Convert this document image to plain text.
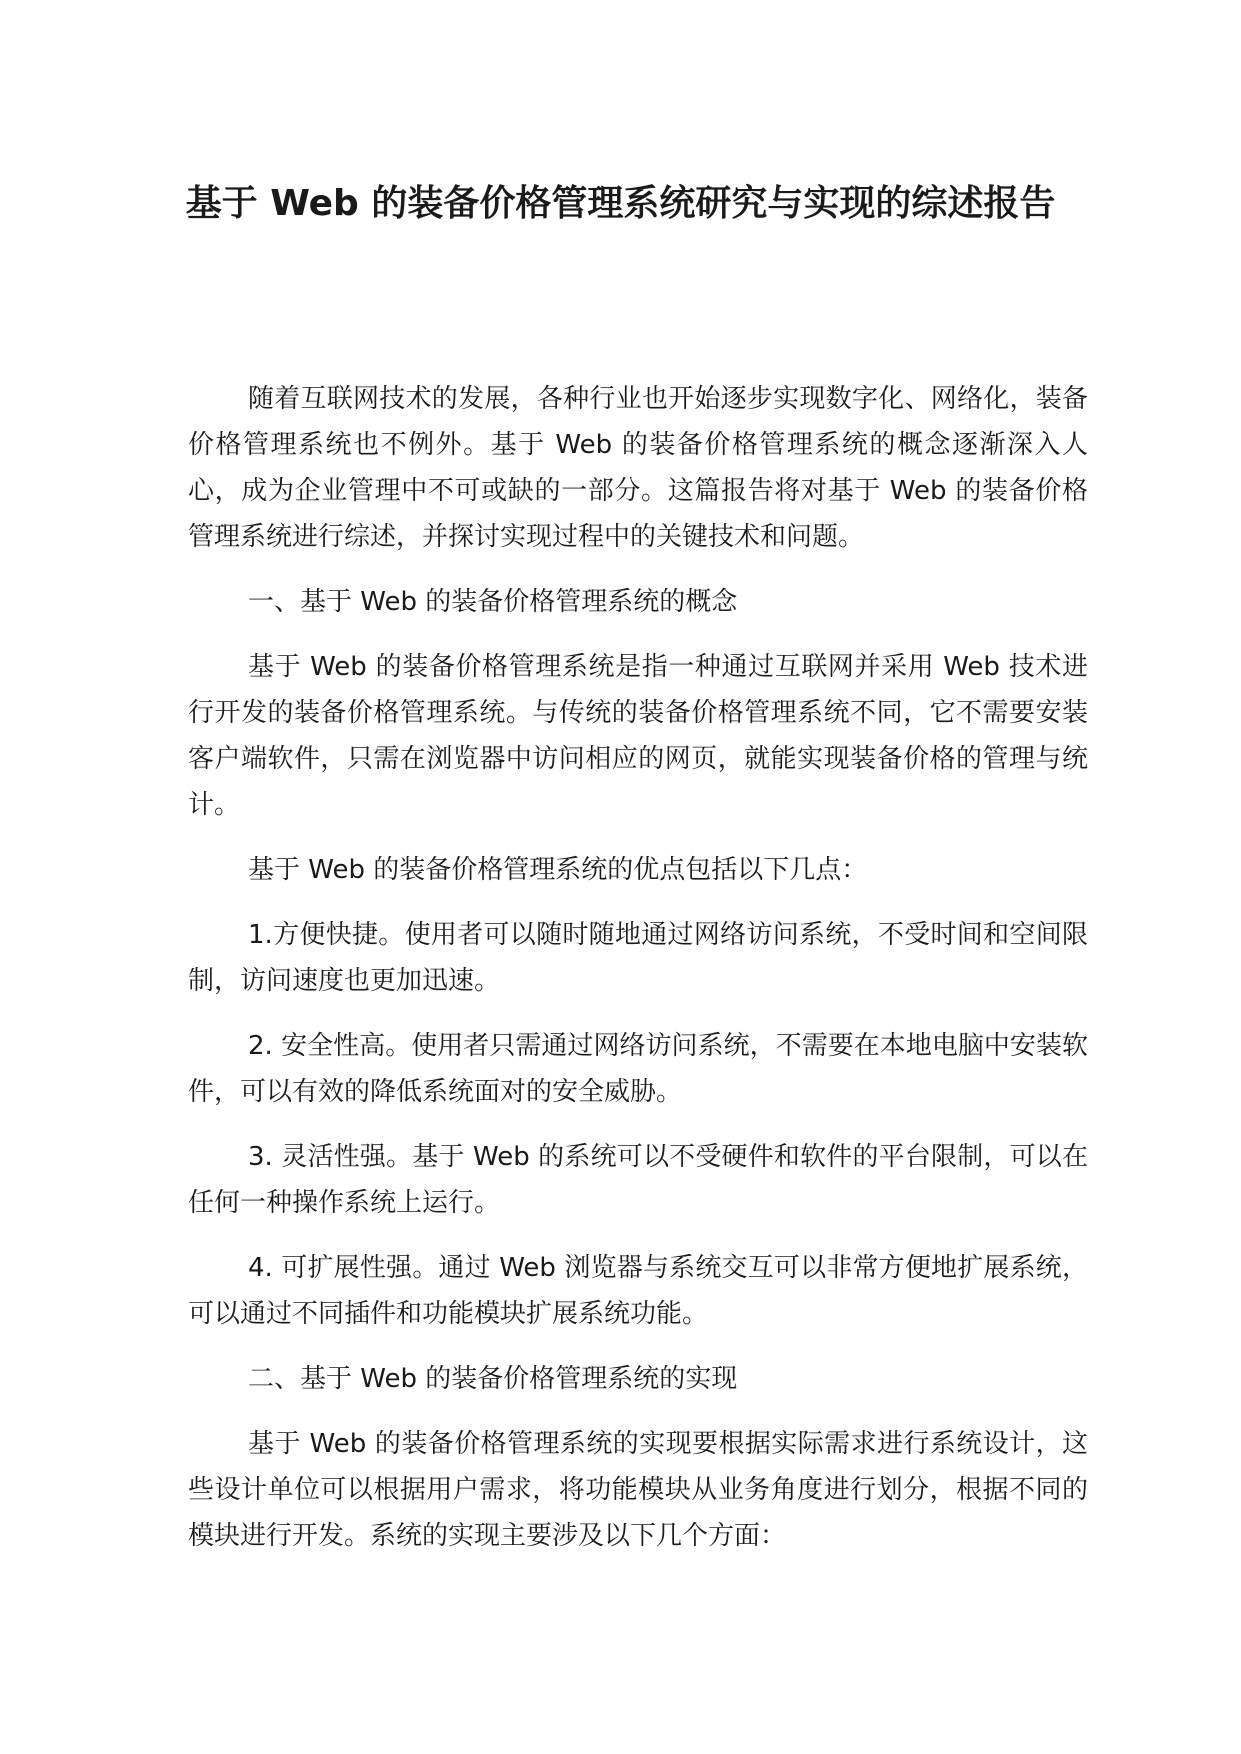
基于 Web 的装备价格管理系统研究与实现的综述报告

随着互联网技术的发展，各种行业也开始逐步实现数字化、网络化，装备价格管理系统也不例外。基于 Web 的装备价格管理系统的概念逐渐深入人心，成为企业管理中不可或缺的一部分。这篇报告将对基于 Web 的装备价格管理系统进行综述，并探讨实现过程中的关键技术和问题。

一、基于 Web 的装备价格管理系统的概念

基于 Web 的装备价格管理系统是指一种通过互联网并采用 Web 技术进行开发的装备价格管理系统。与传统的装备价格管理系统不同，它不需要安装客户端软件，只需在浏览器中访问相应的网页，就能实现装备价格的管理与统计。

基于 Web 的装备价格管理系统的优点包括以下几点：

1.方便快捷。使用者可以随时随地通过网络访问系统，不受时间和空间限制，访问速度也更加迅速。

2. 安全性高。使用者只需通过网络访问系统，不需要在本地电脑中安装软件，可以有效的降低系统面对的安全威胁。

3. 灵活性强。基于 Web 的系统可以不受硬件和软件的平台限制，可以在任何一种操作系统上运行。

4. 可扩展性强。通过 Web 浏览器与系统交互可以非常方便地扩展系统，可以通过不同插件和功能模块扩展系统功能。

二、基于 Web 的装备价格管理系统的实现

基于 Web 的装备价格管理系统的实现要根据实际需求进行系统设计，这些设计单位可以根据用户需求，将功能模块从业务角度进行划分，根据不同的模块进行开发。系统的实现主要涉及以下几个方面：
